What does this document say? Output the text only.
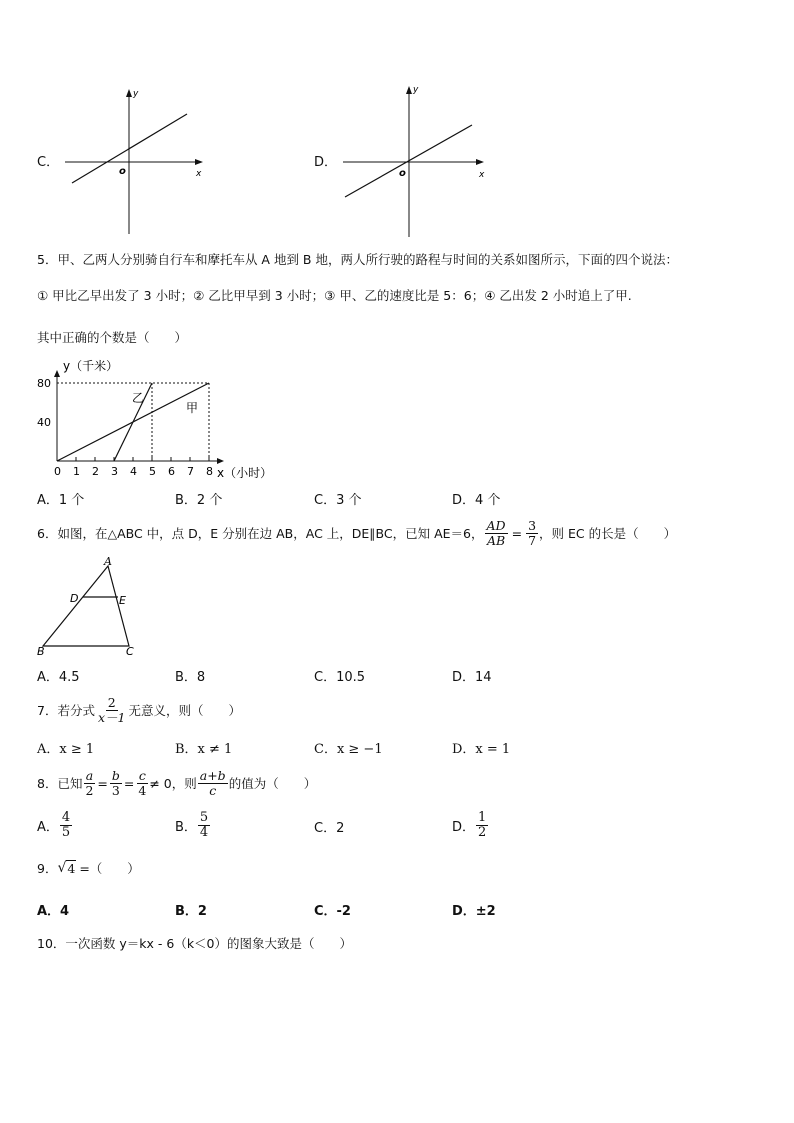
C．
y
x
o
D．
y
x
o
5．甲、乙两人分别骑自行车和摩托车从 A 地到 B 地，两人所行驶的路程与时间的关系如图所示，下面的四个说法：
① 甲比乙早出发了 3 小时；② 乙比甲早到 3 小时；③ 甲、乙的速度比是 5：6；④ 乙出发 2 小时追上了甲.
其中正确的个数是（　　）
y（千米）
x（小时）
80
40
乙
甲
0 1 2 3 4 5 6 7 8
A．1 个	B．2 个	C．3 个	D．4 个
6．如图，在△ABC 中，点 D，E 分别在边 AB，AC 上，DE∥BC，已知 AE＝6， $\frac{AD}{AB} = \frac{3}{7}$ ，则 EC 的长是（　　）
A
B	C
D	E
A．4.5	B．8	C．10.5	D．14
7．若分式 $\frac{2}{x-1}$ 无意义，则（　　）
A．x ≥ 1	B．x ≠ 1	C．x ≥ −1	D．x = 1
8．已知 $\frac{a}{2} = \frac{b}{3} = \frac{c}{4} \ne 0$，则 $\frac{a+b}{c}$ 的值为（　　）
A． $\frac{4}{5}$	B． $\frac{5}{4}$	C．2	D． $\frac{1}{2}$
9． √ 4 =（　　）
A．4	B．2	C．-2	D．±2
10．一次函数 y＝kx - 6（k＜0）的图象大致是（　　）
